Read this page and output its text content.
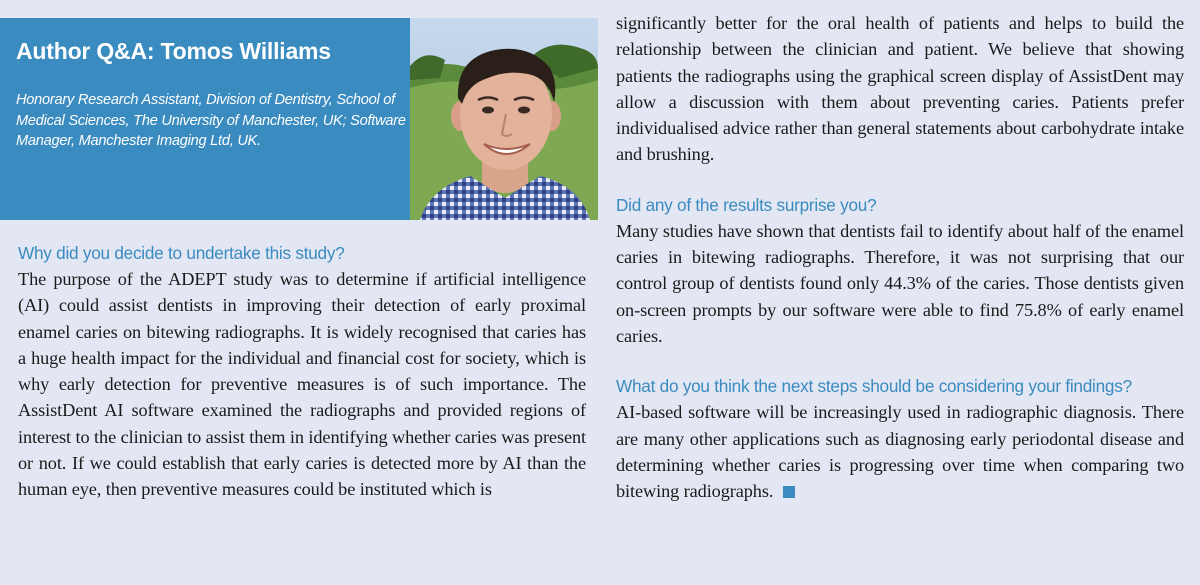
Author Q&A: Tomos Williams
Honorary Research Assistant, Division of Dentistry, School of Medical Sciences, The University of Manchester, UK; Software Manager, Manchester Imaging Ltd, UK.
Why did you decide to undertake this study?
The purpose of the ADEPT study was to determine if artificial intelligence (AI) could assist dentists in improving their detection of early proximal enamel caries on bitewing radiographs. It is widely recognised that caries has a huge health impact for the individual and financial cost for society, which is why early detection for preventive measures is of such importance. The AssistDent AI software examined the radiographs and provided regions of interest to the clinician to assist them in identifying whether caries was present or not. If we could establish that early caries is detected more by AI than the human eye, then preventive measures could be instituted which is
significantly better for the oral health of patients and helps to build the relationship between the clinician and patient. We believe that showing patients the radiographs using the graphical screen display of AssistDent may allow a discussion with them about preventing caries. Patients prefer individualised advice rather than general statements about carbohydrate intake and brushing.
Did any of the results surprise you?
Many studies have shown that dentists fail to identify about half of the enamel caries in bitewing radiographs. Therefore, it was not surprising that our control group of dentists found only 44.3% of the caries. Those dentists given on-screen prompts by our software were able to find 75.8% of early enamel caries.
What do you think the next steps should be considering your findings?
AI-based software will be increasingly used in radiographic diagnosis. There are many other applications such as diagnosing early periodontal disease and determining whether caries is progressing over time when comparing two bitewing radiographs.
